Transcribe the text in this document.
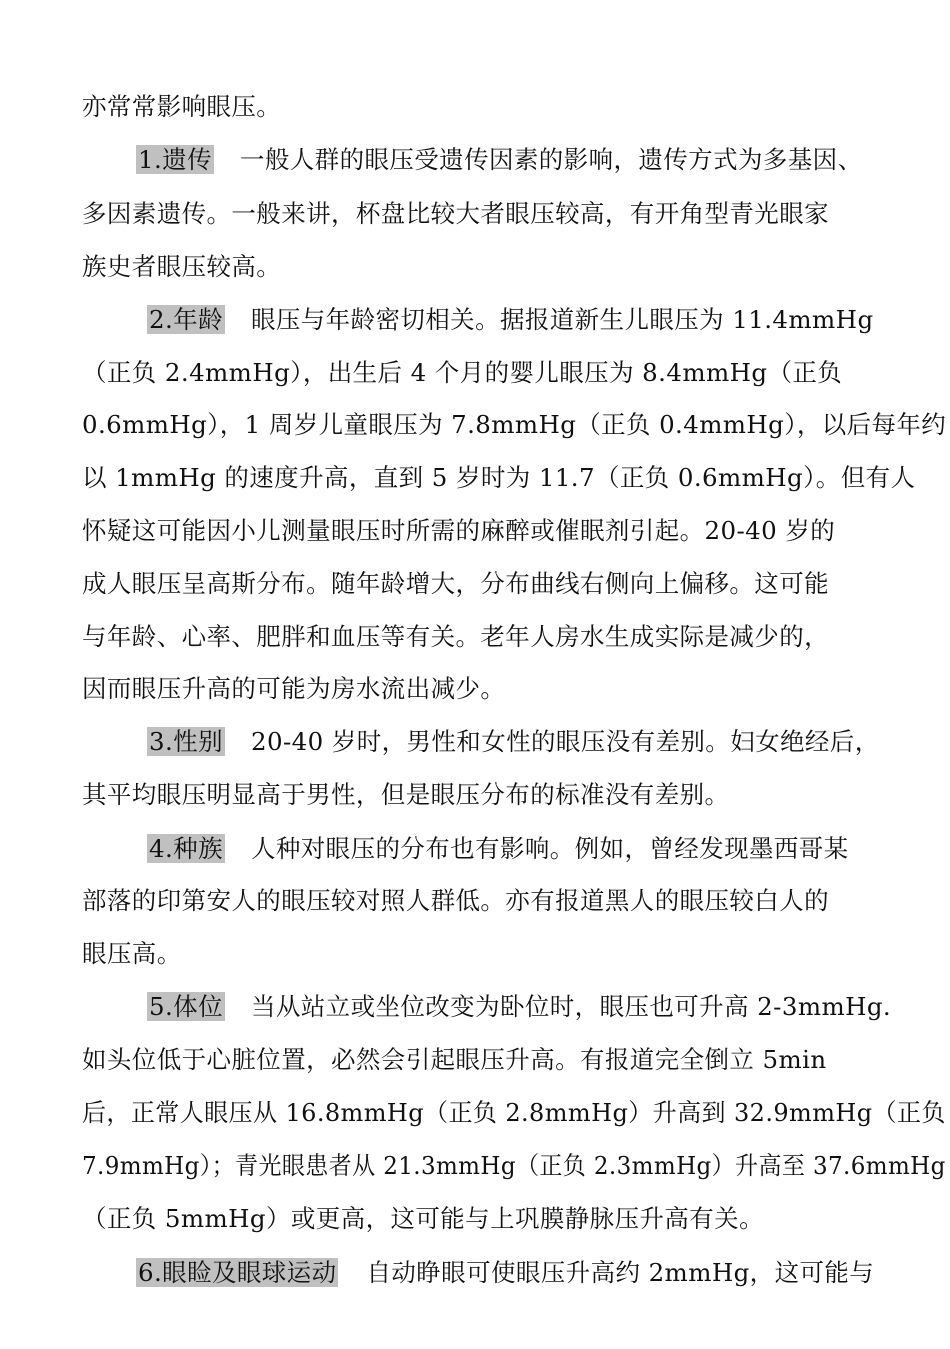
亦常常影响眼压。
1.遗传 一般人群的眼压受遗传因素的影响，遗传方式为多基因、
多因素遗传。一般来讲，杯盘比较大者眼压较高，有开角型青光眼家
族史者眼压较高。
2.年龄 眼压与年龄密切相关。据报道新生儿眼压为 11.4mmHg
（正负 2.4mmHg），出生后 4 个月的婴儿眼压为 8.4mmHg（正负
0.6mmHg），1 周岁儿童眼压为 7.8mmHg（正负 0.4mmHg），以后每年约
以 1mmHg 的速度升高，直到 5 岁时为 11.7（正负 0.6mmHg）。但有人
怀疑这可能因小儿测量眼压时所需的麻醉或催眠剂引起。20-40 岁的
成人眼压呈高斯分布。随年龄增大，分布曲线右侧向上偏移。这可能
与年龄、心率、肥胖和血压等有关。老年人房水生成实际是减少的，
因而眼压升高的可能为房水流出减少。
3.性别 20-40 岁时，男性和女性的眼压没有差别。妇女绝经后，
其平均眼压明显高于男性，但是眼压分布的标准没有差别。
4.种族 人种对眼压的分布也有影响。例如，曾经发现墨西哥某
部落的印第安人的眼压较对照人群低。亦有报道黑人的眼压较白人的
眼压高。
5.体位 当从站立或坐位改变为卧位时，眼压也可升高 2-3mmHg.
如头位低于心脏位置，必然会引起眼压升高。有报道完全倒立 5min
后，正常人眼压从 16.8mmHg（正负 2.8mmHg）升高到 32.9mmHg（正负
7.9mmHg）；青光眼患者从 21.3mmHg（正负 2.3mmHg）升高至 37.6mmHg
（正负 5mmHg）或更高，这可能与上巩膜静脉压升高有关。
6.眼睑及眼球运动 自动睁眼可使眼压升高约 2mmHg，这可能与
